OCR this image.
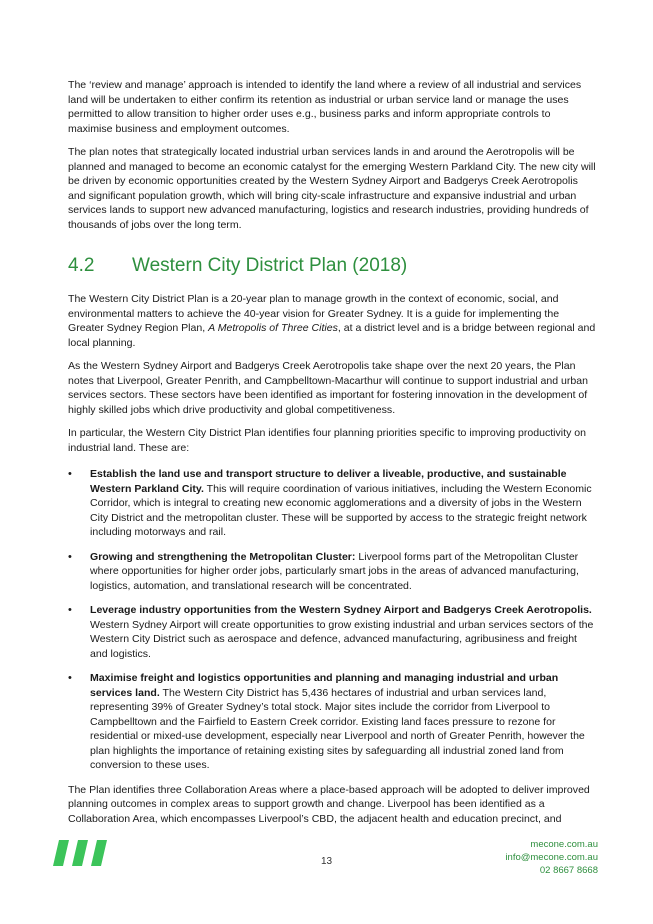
The ‘review and manage’ approach is intended to identify the land where a review of all industrial and services land will be undertaken to either confirm its retention as industrial or urban service land or manage the uses permitted to allow transition to higher order uses e.g., business parks and inform appropriate controls to maximise business and employment outcomes.

The plan notes that strategically located industrial urban services lands in and around the Aerotropolis will be planned and managed to become an economic catalyst for the emerging Western Parkland City. The new city will be driven by economic opportunities created by the Western Sydney Airport and Badgerys Creek Aerotropolis and significant population growth, which will bring city-scale infrastructure and expansive industrial and urban services lands to support new advanced manufacturing, logistics and research industries, providing hundreds of thousands of jobs over the long term.

4.2 Western City District Plan (2018)

The Western City District Plan is a 20-year plan to manage growth in the context of economic, social, and environmental matters to achieve the 40-year vision for Greater Sydney. It is a guide for implementing the Greater Sydney Region Plan, A Metropolis of Three Cities, at a district level and is a bridge between regional and local planning.

As the Western Sydney Airport and Badgerys Creek Aerotropolis take shape over the next 20 years, the Plan notes that Liverpool, Greater Penrith, and Campbelltown-Macarthur will continue to support industrial and urban services sectors. These sectors have been identified as important for fostering innovation in the development of highly skilled jobs which drive productivity and global competitiveness.

In particular, the Western City District Plan identifies four planning priorities specific to improving productivity on industrial land. These are:

• Establish the land use and transport structure to deliver a liveable, productive, and sustainable Western Parkland City. This will require coordination of various initiatives, including the Western Economic Corridor, which is integral to creating new economic agglomerations and a diversity of jobs in the Western City District and the metropolitan cluster. These will be supported by access to the strategic freight network including motorways and rail.
• Growing and strengthening the Metropolitan Cluster: Liverpool forms part of the Metropolitan Cluster where opportunities for higher order jobs, particularly smart jobs in the areas of advanced manufacturing, logistics, automation, and translational research will be concentrated.
• Leverage industry opportunities from the Western Sydney Airport and Badgerys Creek Aerotropolis. Western Sydney Airport will create opportunities to grow existing industrial and urban services sectors of the Western City District such as aerospace and defence, advanced manufacturing, agribusiness and freight and logistics.
• Maximise freight and logistics opportunities and planning and managing industrial and urban services land. The Western City District has 5,436 hectares of industrial and urban services land, representing 39% of Greater Sydney’s total stock. Major sites include the corridor from Liverpool to Campbelltown and the Fairfield to Eastern Creek corridor. Existing land faces pressure to rezone for residential or mixed-use development, especially near Liverpool and north of Greater Penrith, however the plan highlights the importance of retaining existing sites by safeguarding all industrial zoned land from conversion to these uses.

The Plan identifies three Collaboration Areas where a place-based approach will be adopted to deliver improved planning outcomes in complex areas to support growth and change. Liverpool has been identified as a Collaboration Area, which encompasses Liverpool’s CBD, the adjacent health and education precinct, and

13
mecone.com.au
info@mecone.com.au
02 8667 8668
